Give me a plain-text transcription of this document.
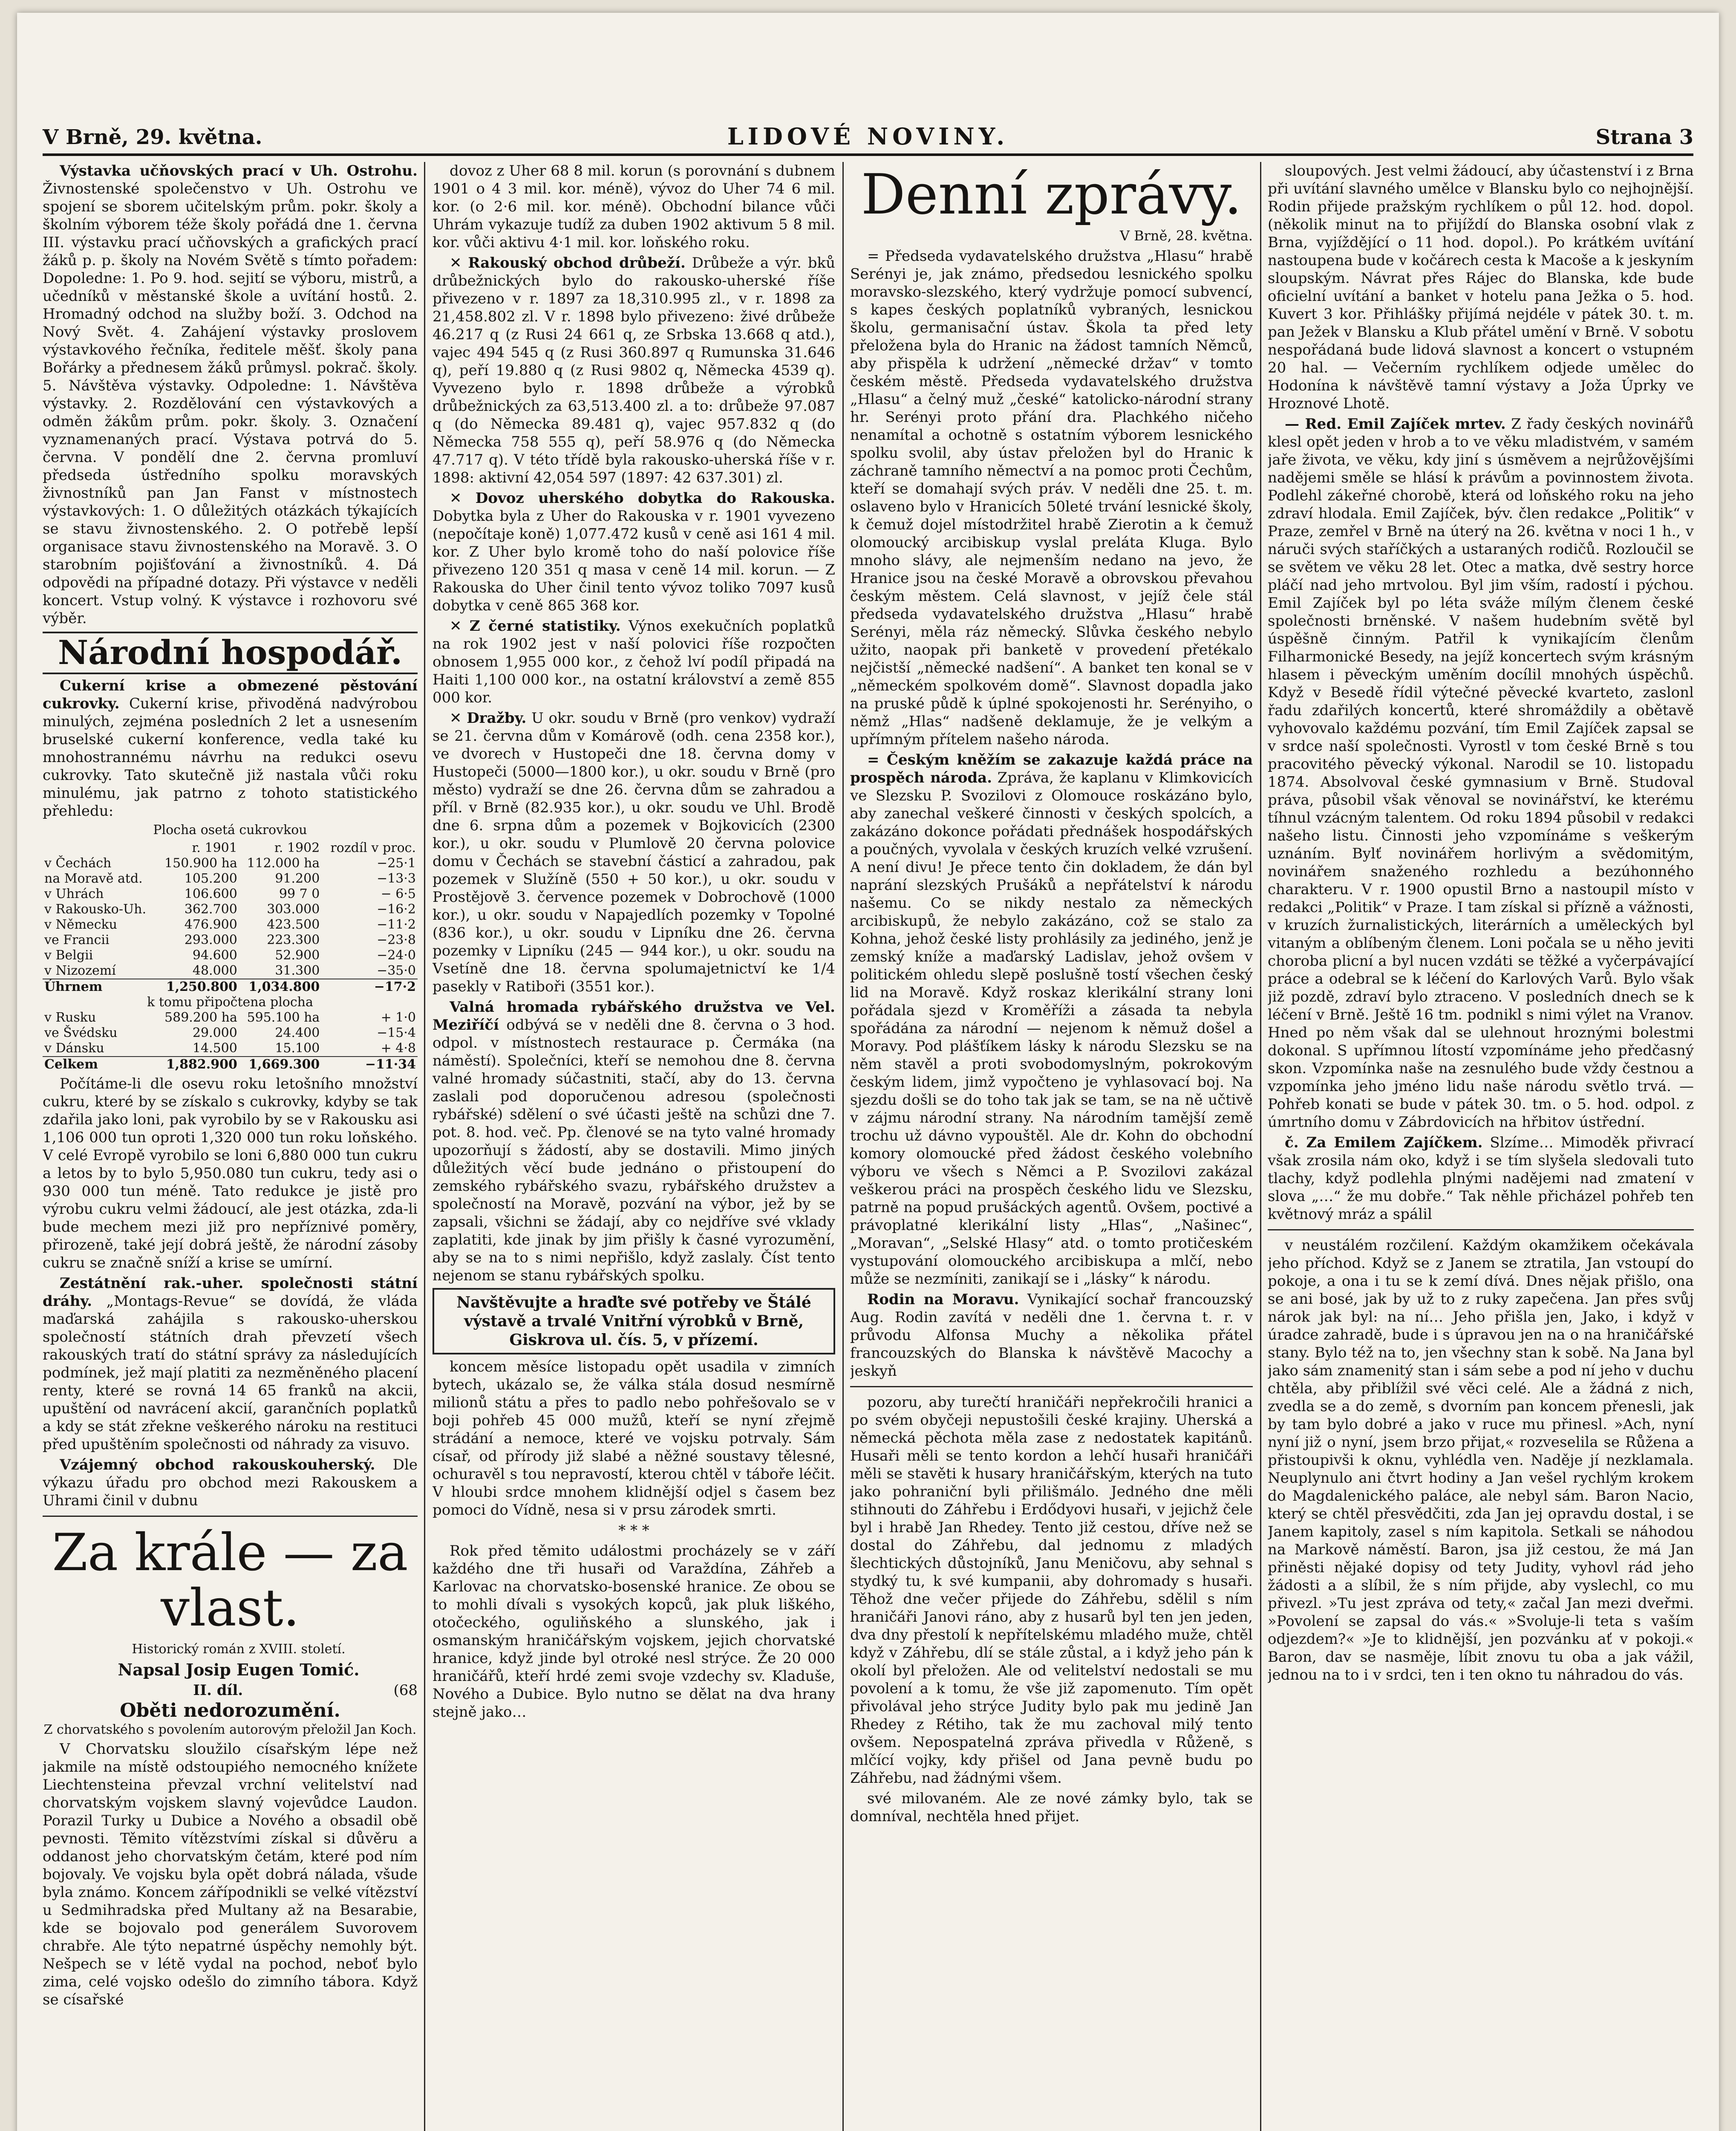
V Brně, 29. května.	LIDOVÉ NOVINY.	Strana 3

Výstavka učňovských prací v Uh. Ostrohu. Živnostenské společenstvo v Uh. Ostrohu ve spojení se sborem učitelským prům. pokr. školy a školním výborem téže školy pořádá dne 1. června III. výstavku prací učňovských a grafických prací žáků p. p. školy na Novém Světě s tímto pořadem: Dopoledne: 1. Po 9. hod. sejití se výboru, mistrů, a učedníků v městanské škole a uvítání hostů. 2. Hromadný odchod na služby boží. 3. Odchod na Nový Svět. 4. Zahájení výstavky proslovem výstavkového řečníka, ředitele měšť. školy pana Bořárky a přednesem žáků průmysl. pokrač. školy. 5. Návštěva výstavky. Odpoledne: 1. Návštěva výstavky. 2. Rozdělování cen výstavkových a odměn žákům prům. pokr. školy. 3. Označení vyznamenaných prací. Výstava potrvá do 5. června. V pondělí dne 2. června promluví předseda ústředního spolku moravských živnostníků pan Jan Fanst v místnostech výstavkových: 1. O důležitých otázkách týkajících se stavu živnostenského. 2. O potřebě lepší organisace stavu živnostenského na Moravě. 3. O starobním pojišťování a živnostníků. 4. Dá odpovědi na případné dotazy. Při výstavce v neděli koncert. Vstup volný. K výstavce i rozhovoru své výběr.

Národní hospodář.

Cukerní krise a obmezené pěstování cukrovky. Cukerní krise, přivoděná nadvýrobou minulých, zejména posledních 2 let a usnesením bruselské cukerní konference, vedla také ku mnohostrannému návrhu na redukci osevu cukrovky. Tato skutečně již nastala vůči roku minulému, jak patrno z tohoto statistického přehledu:

Plocha osetá cukrovkou

	r. 1901	r. 1902	rozdíl v proc.
v Čechách	150.900 ha	112.000 ha	−25·1
na Moravě atd.	105.200	91.200	−13·3
v Uhrách	106.600	99 7 0	− 6·5
v Rakousko-Uh.	362.700	303.000	−16·2
v Německu	476.900	423.500	−11·2
ve Francii	293.000	223.300	−23·8
v Belgii	94.600	52.900	−24·0
v Nizozemí	48.000	31.300	−35·0
Úhrnem	1,250.800	1,034.800	−17·2
k tomu připočtena plocha			
v Rusku	589.200 ha	595.100 ha	+ 1·0
ve Švédsku	29.000	24.400	−15·4
v Dánsku	14.500	15.100	+ 4·8
Celkem	1,882.900	1,669.300	−11·34

Počítáme-li dle osevu roku letošního množství cukru, které by se získalo s cukrovky, kdyby se tak zdařila jako loni, pak vyrobilo by se v Rakousku asi 1,106 000 tun oproti 1,320 000 tun roku loňského. V celé Evropě vyrobilo se loni 6,880 000 tun cukru a letos by to bylo 5,950.080 tun cukru, tedy asi o 930 000 tun méně. Tato redukce je jistě pro výrobu cukru velmi žádoucí, ale jest otázka, zda-li bude mechem mezi již pro nepříznivé poměry, přirozeně, také její dobrá ještě, že národní zásoby cukru se značně sníží a krise se umírní.

Zestátnění rak.-uher. společnosti státní dráhy. „Montags-Revue“ se dovídá, že vláda maďarská zahájila s rakousko-uherskou společností státních drah převzetí všech rakouských tratí do státní správy za následujících podmínek, jež mají platiti za nezměněného placení renty, které se rovná 14 65 franků na akcii, upuštění od navrácení akcií, garančních poplatků a kdy se stát zřekne veškerého nároku na restituci před upuštěním společnosti od náhrady za visuvo.

Vzájemný obchod rakouskouherský. Dle výkazu úřadu pro obchod mezi Rakouskem a Uhrami činil v dubnu

Za krále — za vlast.

Historický román z XVIII. století.

Napsal Josip Eugen Tomić.

II. díl.	(68

Oběti nedorozumění.

Z chorvatského s povolením autorovým přeložil Jan Koch.

V Chorvatsku sloužilo císařským lépe než jakmile na místě odstoupiého nemocného knížete Liechtensteina převzal vrchní velitelství nad chorvatským vojskem slavný vojevůdce Laudon. Porazil Turky u Dubice a Nového a obsadil obě pevnosti. Těmito vítězstvími získal si důvěru a oddanost jeho chorvatským četám, které pod ním bojovaly. Ve vojsku byla opět dobrá nálada, všude byla známo. Koncem zářípodnikli se velké vítězství u Sedmihradska před Multany až na Besarabie, kde se bojovalo pod generálem Suvorovem chrabře. Ale týto nepatrné úspěchy nemohly být. Nešpech se v létě vydal na pochod, neboť bylo zima, celé vojsko odešlo do zimního tábora. Když se císařské

dovoz z Uher 68 8 mil. korun (s porovnání s dubnem 1901 o 4 3 mil. kor. méně), vývoz do Uher 74 6 mil. kor. (o 2·6 mil. kor. méně). Obchodní bilance vůči Uhrám vykazuje tudíž za duben 1902 aktivum 5 8 mil. kor. vůči aktivu 4·1 mil. kor. loňského roku.

✕ Rakouský obchod drůbeží. Drůbeže a výr. bků drůbežnických bylo do rakousko-uherské říše přivezeno v r. 1897 za 18,310.995 zl., v r. 1898 za 21,458.802 zl. V r. 1898 bylo přivezeno: živé drůbeže 46.217 q (z Rusi 24 661 q, ze Srbska 13.668 q atd.), vajec 494 545 q (z Rusi 360.897 q Rumunska 31.646 q), peří 19.880 q (z Rusi 9802 q, Německa 4539 q). Vyvezeno bylo r. 1898 drůbeže a výrobků drůbežnických za 63,513.400 zl. a to: drůbeže 97.087 q (do Německa 89.481 q), vajec 957.832 q (do Německa 758 555 q), peří 58.976 q (do Německa 47.717 q). V této třídě byla rakousko-uherská říše v r. 1898: aktivní 42,054 597 (1897: 42 637.301) zl.

✕ Dovoz uherského dobytka do Rakouska. Dobytka byla z Uher do Rakouska v r. 1901 vyvezeno (nepočítaje koně) 1,077.472 kusů v ceně asi 161 4 mil. kor. Z Uher bylo kromě toho do naší polovice říše přivezeno 120 351 q masa v ceně 14 mil. korun. — Z Rakouska do Uher činil tento vývoz toliko 7097 kusů dobytka v ceně 865 368 kor.

✕ Z černé statistiky. Výnos exekučních poplatků na rok 1902 jest v naší polovici říše rozpočten obnosem 1,955 000 kor., z čehož lví podíl připadá na Haiti 1,100 000 kor., na ostatní království a země 855 000 kor.

✕ Dražby. U okr. soudu v Brně (pro venkov) vydraží se 21. června dům v Komárově (odh. cena 2358 kor.), ve dvorech v Hustopeči dne 18. června domy v Hustopeči (5000—1800 kor.), u okr. soudu v Brně (pro město) vydraží se dne 26. června dům se zahradou a příl. v Brně (82.935 kor.), u okr. soudu ve Uhl. Brodě dne 6. srpna dům a pozemek v Bojkovicích (2300 kor.), u okr. soudu v Plumlově 20 června polovice domu v Čechách se stavební částicí a zahradou, pak pozemek v Služíně (550 + 50 kor.), u okr. soudu v Prostějově 3. července pozemek v Dobrochově (1000 kor.), u okr. soudu v Napajedlích pozemky v Topolné (836 kor.), u okr. soudu v Lipníku dne 26. června pozemky v Lipníku (245 — 944 kor.), u okr. soudu na Vsetíně dne 18. června spolumajetnictví ke 1/4 pasekly v Ratiboři (3551 kor.).

Valná hromada rybářského družstva ve Vel. Meziříčí odbývá se v neděli dne 8. června o 3 hod. odpol. v místnostech restaurace p. Čermáka (na náměstí). Společníci, kteří se nemohou dne 8. června valné hromady súčastniti, stačí, aby do 13. června zaslali pod doporučenou adresou (společnosti rybářské) sdělení o své účasti ještě na schůzi dne 7. pot. 8. hod. več. Pp. členové se na tyto valné hromady upozorňují s žádostí, aby se dostavili. Mimo jiných důležitých věcí bude jednáno o přistoupení do zemského rybářského svazu, rybářského družstev a společností na Moravě, pozvání na výbor, jež by se zapsali, všichni se žádají, aby co nejdříve své vklady zaplatiti, kde jinak by jim přišly k časné vyrozumění, aby se na to s nimi nepřišlo, když zaslaly. Číst tento nejenom se stanu rybářských spolku.

Navštěvujte a hraďte své potřeby ve Štálé výstavě a trvalé Vnitřní výrobků v Brně, Giskrova ul. čís. 5, v přízemí.

koncem měsíce listopadu opět usadila v zimních bytech, ukázalo se, že válka stála dosud nesmírně milionů státu a přes to padlo nebo pohřešovalo se v boji pohřeb 45 000 mužů, kteří se nyní zřejmě strádání a nemoce, které ve vojsku potrvaly. Sám císař, od přírody již slabé a něžné soustavy tělesné, ochuravěl s tou nepravostí, kterou chtěl v táboře léčit. V hloubi srdce mnohem klidnější odjel s časem bez pomoci do Vídně, nesa si v prsu zárodek smrti.

* * *

Rok před těmito událostmi procházely se v září každého dne tři husaři od Varaždína, Záhřeb a Karlovac na chorvatsko-bosenské hranice. Ze obou se to mohli dívali s vysokých kopců, jak pluk liškého, otočeckého, oguliňského a slunského, jak i osmanským hraničářským vojskem, jejich chorvatské hranice, když jinde byl otroké nesl strýce. Že 20 000 hraničářů, kteří hrdé zemi svoje vzdechy sv. Kladuše, Nového a Dubice. Bylo nutno se dělat na dva hrany stejně jako…

Denní zprávy.

V Brně, 28. května.

= Předseda vydavatelského družstva „Hlasu“ hrabě Serényi je, jak známo, předsedou lesnického spolku moravsko-slezského, který vydržuje pomocí subvencí, s kapes českých poplatníků vybraných, lesnickou školu, germanisační ústav. Škola ta před lety přeložena byla do Hranic na žádost tamních Němců, aby přispěla k udržení „německé držav“ v tomto českém městě. Předseda vydavatelského družstva „Hlasu“ a čelný muž „české“ katolicko-národní strany hr. Serényi proto přání dra. Plachkého ničeho nenamítal a ochotně s ostatním výborem lesnického spolku svolil, aby ústav přeložen byl do Hranic k záchraně tamního němectví a na pomoc proti Čechům, kteří se domahají svých práv. V neděli dne 25. t. m. oslaveno bylo v Hranicích 50leté trvání lesnické školy, k čemuž dojel místodržitel hrabě Zierotin a k čemuž olomoucký arcibiskup vyslal preláta Kluga. Bylo mnoho slávy, ale nejmenším nedano na jevo, že Hranice jsou na české Moravě a obrovskou převahou českým městem. Celá slavnost, v jejíž čele stál předseda vydavatelského družstva „Hlasu“ hrabě Serényi, měla ráz německý. Slůvka českého nebylo užito, naopak při banketě v provedení přetékalo nejčistší „německé nadšení“. A banket ten konal se v „německém spolkovém domě“. Slavnost dopadla jako na pruské půdě k úplné spokojenosti hr. Serényiho, o němž „Hlas“ nadšeně deklamuje, že je velkým a upřímným přítelem našeho národa.

= Českým kněžím se zakazuje každá práce na prospěch národa. Zpráva, že kaplanu v Klimkovicích ve Slezsku P. Svozilovi z Olomouce roskázáno bylo, aby zanechal veškeré činnosti v českých spolcích, a zakázáno dokonce pořádati přednášek hospodářských a poučných, vyvolala v českých kruzích velké vzrušení. A není divu! Je přece tento čin dokladem, že dán byl naprání slezských Prušáků a nepřátelství k národu našemu. Co se nikdy nestalo za německých arcibiskupů, že nebylo zakázáno, což se stalo za Kohna, jehož české listy prohlásily za jediného, jenž je zemský kníže a maďarský Ladislav, jehož ovšem v politickém ohledu slepě poslušně tostí všechen český lid na Moravě. Když roskaz klerikální strany loni pořádala sjezd v Kroměříži a zásada ta nebyla spořádána za národní — nejenom k němuž došel a Moravy. Pod plášťíkem lásky k národu Slezsku se na něm stavěl a proti svobodomyslným, pokrokovým českým lidem, jimž vypočteno je vyhlasovací boj. Na sjezdu došli se do toho tak jak se tam, se na ně učtivě v zájmu národní strany. Na národním tamější země trochu už dávno vypouštěl. Ale dr. Kohn do obchodní komory olomoucké před žádost českého volebního výboru ve všech s Němci a P. Svozilovi zakázal veškerou práci na prospěch českého lidu ve Slezsku, patrně na popud prušáckých agentů. Ovšem, poctivé a právoplatné klerikální listy „Hlas“, „Našinec“, „Moravan“, „Selské Hlasy“ atd. o tomto protičeském vystupování olomouckého arcibiskupa a mlčí, nebo může se nezmíniti, zanikají se i „lásky“ k národu.

Rodin na Moravu. Vynikající sochař francouzský Aug. Rodin zavítá v neděli dne 1. června t. r. v průvodu Alfonsa Muchy a několika přátel francouzských do Blanska k návštěvě Macochy a jeskyň

pozoru, aby turečtí hraničáři nepřekročili hranici a po svém obyčeji nepustošili české krajiny. Uherská a německá pěchota měla zase z nedostatek kapitánů. Husaři měli se tento kordon a lehčí husaři hraničáři měli se stavěti k husary hraničářským, kterých na tuto jako pohraniční byli přilišmálo. Jedného dne měli stihnouti do Záhřebu i Erdődyovi husaři, v jejichž čele byl i hrabě Jan Rhedey. Tento již cestou, dříve než se dostal do Záhřebu, dal jednomu z mladých šlechtických důstojníků, Janu Meničovu, aby sehnal s stydký tu, k své kumpanii, aby dohromady s husaři. Těhož dne večer přijede do Záhřebu, sdělil s ním hraničáři Janovi ráno, aby z husarů byl ten jen jeden, dva dny přestolí k nepřítelskému mladého muže, chtěl když v Záhřebu, dlí se stále zůstal, a i když jeho pán k okolí byl přeložen. Ale od velitelství nedostali se mu povolení a k tomu, že vše již zapomenuto. Tím opět přivolával jeho strýce Judity bylo pak mu jedině Jan Rhedey z Rétiho, tak že mu zachoval milý tento ovšem. Nepospatelná zpráva přivedla v Růženě, s mlčící vojky, kdy přišel od Jana pevně budu po Záhřebu, nad žádnými všem.

své milovaném. Ale ze nové zámky bylo, tak se domníval, nechtěla hned přijet.

sloupových. Jest velmi žádoucí, aby účastenství i z Brna při uvítání slavného umělce v Blansku bylo co nejhojnější. Rodin přijede pražským rychlíkem o půl 12. hod. dopol. (několik minut na to přijíždí do Blanska osobní vlak z Brna, vyjíždějící o 11 hod. dopol.). Po krátkém uvítání nastoupena bude v kočárech cesta k Macoše a k jeskyním sloupským. Návrat přes Rájec do Blanska, kde bude oficielní uvítání a banket v hotelu pana Ježka o 5. hod. Kuvert 3 kor. Přihlášky přijímá nejdéle v pátek 30. t. m. pan Ježek v Blansku a Klub přátel umění v Brně. V sobotu nespořádaná bude lidová slavnost a koncert o vstupném 20 hal. — Večerním rychlíkem odjede umělec do Hodonína k návštěvě tamní výstavy a Joža Úprky ve Hroznové Lhotě.

— Red. Emil Zajíček mrtev. Z řady českých novinářů klesl opět jeden v hrob a to ve věku mladistvém, v samém jaře života, ve věku, kdy jiní s úsměvem a nejrůžovějšími nadějemi směle se hlásí k právům a povinnostem života. Podlehl zákeřné chorobě, která od loňského roku na jeho zdraví hlodala. Emil Zajíček, býv. člen redakce „Politik“ v Praze, zemřel v Brně na úterý na 26. května v noci 1 h., v náruči svých staříčkých a ustaraných rodičů. Rozloučil se se světem ve věku 28 let. Otec a matka, dvě sestry horce pláčí nad jeho mrtvolou. Byl jim vším, radostí i pýchou. Emil Zajíček byl po léta sváže mílým členem české společnosti brněnské. V našem hudebním světě byl úspěšně činným. Patřil k vynikajícím členům Filharmonické Besedy, na jejíž koncertech svým krásným hlasem i pěveckým uměním docílil mnohých úspěchů. Když v Besedě řídil výtečné pěvecké kvarteto, zaslonl řadu zdařilých koncertů, které shromáždily a obětavě vyhovovalo každému pozvání, tím Emil Zajíček zapsal se v srdce naší společnosti. Vyrostl v tom české Brně s tou pracovitého pěvecký výkonal. Narodil se 10. listopadu 1874. Absolvoval české gymnasium v Brně. Studoval práva, působil však věnoval se novinářství, ke kterému tíhnul vzácným talentem. Od roku 1894 působil v redakci našeho listu. Činnosti jeho vzpomínáme s veškerým uznáním. Bylť novinářem horlivým a svědomitým, novinářem snaženého rozhledu a bezúhonného charakteru. V r. 1900 opustil Brno a nastoupil místo v redakci „Politik“ v Praze. I tam získal si přízně a vážnosti, v kruzích žurnalistických, literárních a uměleckých byl vitaným a oblíbeným členem. Loni počala se u něho jeviti choroba plicní a byl nucen vzdáti se těžké a vyčerpávající práce a odebral se k léčení do Karlových Varů. Bylo však již pozdě, zdraví bylo ztraceno. V posledních dnech se k léčení v Brně. Ještě 16 tm. podnikl s nimi výlet na Vranov. Hned po něm však dal se ulehnout hroznými bolestmi dokonal. S upřímnou lítostí vzpomínáme jeho předčasný skon. Vzpomínka naše na zesnulého bude vždy čestnou a vzpomínka jeho jméno lidu naše národu světlo trvá. — Pohřeb konati se bude v pátek 30. tm. o 5. hod. odpol. z úmrtního domu v Zábrdovicích na hřbitov ústřední.

č. Za Emilem Zajíčkem. Slzíme… Mimoděk přivrací však zrosila nám oko, když i se tím slyšela sledovali tuto tlachy, když podlehla plnými nadějemi nad zmatení v slova „…“ že mu dobře.“ Tak něhle přicházel pohřeb ten květnový mráz a spálil

v neustálém rozčilení. Každým okamžikem očekávala jeho příchod. Když se z Janem se ztratila, Jan vstoupí do pokoje, a ona i tu se k zemí dívá. Dnes nějak přišlo, ona se ani bosé, jak by už to z ruky zapečena. Jan přes svůj nárok jak byl: na ní… Jeho přišla jen, Jako, i když v úradce zahradě, bude i s úpravou jen na o na hraničářské stany. Bylo též na to, jen všechny stan k sobě. Na Jana byl jako sám znamenitý stan i sám sebe a pod ní jeho v duchu chtěla, aby přiblížil své věci celé. Ale a žádná z nich, zvedla se a do země, s dvorním pan koncem přenesli, jak by tam bylo dobré a jako v ruce mu přinesl. »Ach, nyní nyní již o nyní, jsem brzo přijat,« rozveselila se Růžena a přistoupivši k oknu, vyhlédla ven. Naděje jí nezklamala. Neuplynulo ani čtvrt hodiny a Jan vešel rychlým krokem do Magdalenického paláce, ale nebyl sám. Baron Nacio, který se chtěl přesvědčiti, zda Jan jej opravdu dostal, i se Janem kapitoly, zasel s ním kapitola. Setkali se náhodou na Markově náměstí. Baron, jsa již cestou, že má Jan přiněsti nějaké dopisy od tety Judity, vyhovl rád jeho žádosti a a slíbil, že s ním přijde, aby vyslechl, co mu přivezl. »Tu jest zpráva od tety,« začal Jan mezi dveřmi. »Povolení se zapsal do vás.« »Svoluje-li teta s vaším odjezdem?« »Je to klidnější, jen pozvánku ať v pokoji.« Baron, dav se nasměje, líbit znovu tu oba a jak vážil, jednou na to i v srdci, ten i ten okno tu náhradou do vás.
